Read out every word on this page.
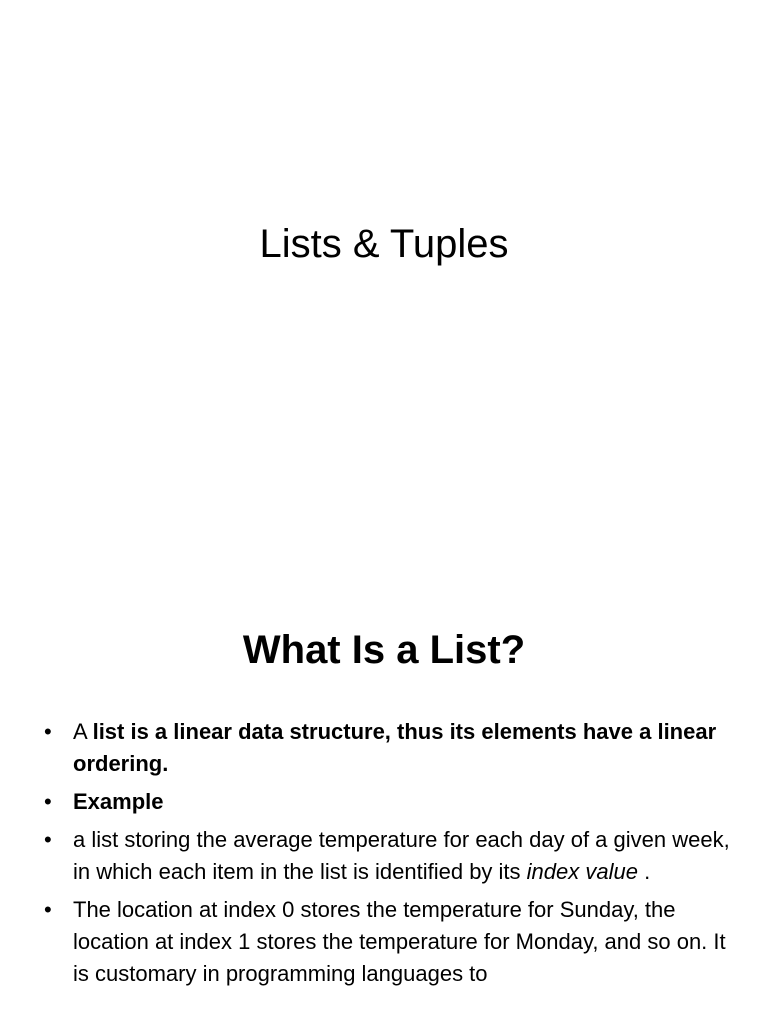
Lists & Tuples
What Is a List?
• A list is a linear data structure, thus its elements have a linear ordering.
• Example
• a list storing the average temperature for each day of a given week, in which each item in the list is identified by its index value .
• The location at index 0 stores the temperature for Sunday, the location at index 1 stores the temperature for Monday, and so on. It is customary in programming languages to
